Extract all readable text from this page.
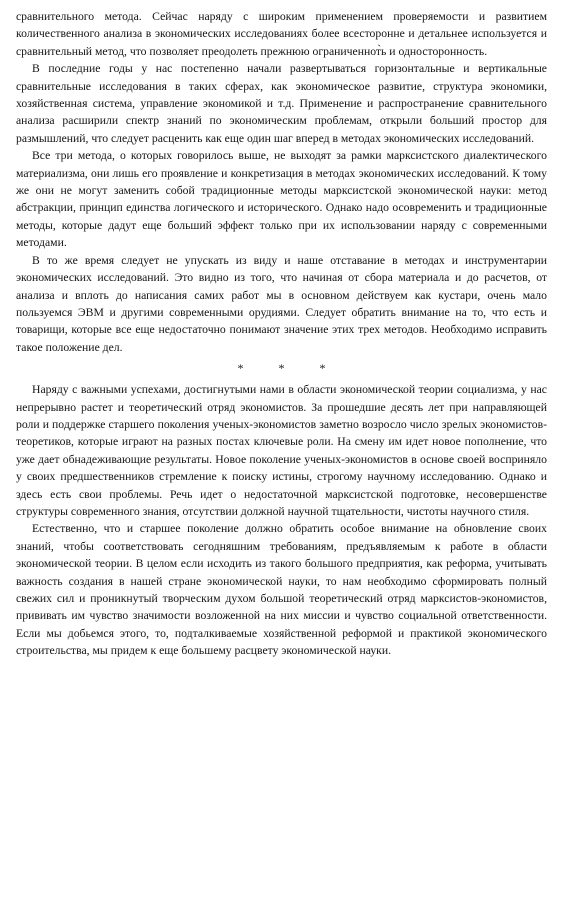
сравнительного метода. Сейчас наряду с широким применением проверяемости и развитием количественного анализа в экономических исследованиях более всесторонне и детальнее используется и сравнительный метод, что позволяет преодолеть прежнюю ограниченнот̀ь и односторонность.

В последние годы у нас постепенно начали развертываться горизонтальные и вертикальные сравнительные исследования в таких сферах, как экономическое развитие, структура экономики, хозяйственная система, управление экономикой и т.д. Применение и распространение сравнительного анализа расширили спектр знаний по экономическим проблемам, открыли больший простор для размышлений, что следует расценить как еще один шаг вперед в методах экономических исследований.

Все три метода, о которых говорилось выше, не выходят за рамки марксистского диалектического материализма, они лишь его проявление и конкретизация в методах экономических исследований. К тому же они не могут заменить собой традиционные методы марксистской экономической науки: метод абстракции, принцип единства логического и исторического. Однако надо осовременить и традиционные методы, которые дадут еще больший эффект только при их использовании наряду с современными методами.

В то же время следует не упускать из виду и наше отставание в методах и инструментарии экономических исследований. Это видно из того, что начиная от сбора материала и до расчетов, от анализа и вплоть до написания самих работ мы в основном действуем как кустари, очень мало пользуемся ЭВМ и другими современными орудиями. Следует обратить внимание на то, что есть и товарищи, которые все еще недостаточно понимают значение этих трех методов. Необходимо исправить такое положение дел.

* * *

Наряду с важными успехами, достигнутыми нами в области экономической теории социализма, у нас непрерывно растет и теоретический отряд экономистов. За прошедшие десять лет при направляющей роли и поддержке старшего поколения ученых-экономистов заметно возросло число зрелых экономистов-теоретиков, которые играют на разных постах ключевые роли. На смену им идет новое пополнение, что уже дает обнадеживающие результаты. Новое поколение ученых-экономистов в основе своей восприняло у своих предшественников стремление к поиску истины, строгому научному исследованию. Однако и здесь есть свои проблемы. Речь идет о недостаточной марксистской подготовке, несовершенстве структуры современного знания, отсутствии должной научной тщательности, чистоты научного стиля.

Естественно, что и старшее поколение должно обратить особое внимание на обновление своих знаний, чтобы соответствовать сегодняшним требованиям, предъявляемым к работе в области экономической теории. В целом если исходить из такого большого предприятия, как реформа, учитывать важность создания в нашей стране экономической науки, то нам необходимо сформировать полный свежих сил и проникнутый творческим духом большой теоретический отряд марксистов-экономистов, прививать им чувство значимости возложенной на них миссии и чувство социальной ответственности. Если мы добьемся этого, то, подталкиваемые хозяйственной реформой и практикой экономического строительства, мы придем к еще большему расцвету экономической науки.
